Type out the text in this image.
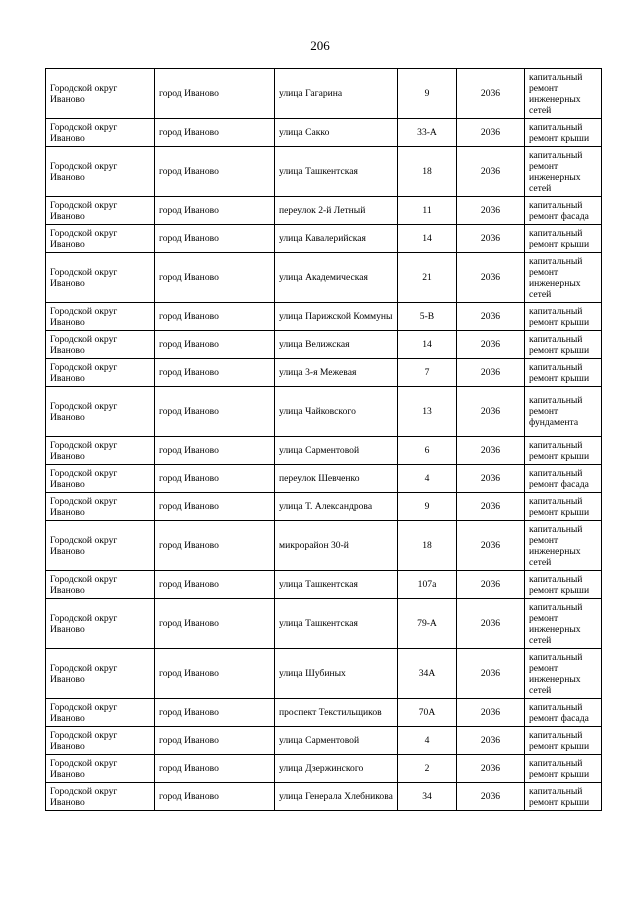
206
Городской округ Иваново	город Иваново	улица Гагарина	9	2036	капитальный ремонт инженерных сетей
Городской округ Иваново	город Иваново	улица Сакко	33-А	2036	капитальный ремонт крыши
Городской округ Иваново	город Иваново	улица Ташкентская	18	2036	капитальный ремонт инженерных сетей
Городской округ Иваново	город Иваново	переулок 2-й Летный	11	2036	капитальный ремонт фасада
Городской округ Иваново	город Иваново	улица Кавалерийская	14	2036	капитальный ремонт крыши
Городской округ Иваново	город Иваново	улица Академическая	21	2036	капитальный ремонт инженерных сетей
Городской округ Иваново	город Иваново	улица Парижской Коммуны	5-В	2036	капитальный ремонт крыши
Городской округ Иваново	город Иваново	улица Велижская	14	2036	капитальный ремонт крыши
Городской округ Иваново	город Иваново	улица 3-я Межевая	7	2036	капитальный ремонт крыши
Городской округ Иваново	город Иваново	улица Чайковского	13	2036	капитальный ремонт фундамента
Городской округ Иваново	город Иваново	улица Сарментовой	6	2036	капитальный ремонт крыши
Городской округ Иваново	город Иваново	переулок Шевченко	4	2036	капитальный ремонт фасада
Городской округ Иваново	город Иваново	улица Т. Александрова	9	2036	капитальный ремонт крыши
Городской округ Иваново	город Иваново	микрорайон 30-й	18	2036	капитальный ремонт инженерных сетей
Городской округ Иваново	город Иваново	улица Ташкентская	107а	2036	капитальный ремонт крыши
Городской округ Иваново	город Иваново	улица Ташкентская	79-А	2036	капитальный ремонт инженерных сетей
Городской округ Иваново	город Иваново	улица Шубиных	34А	2036	капитальный ремонт инженерных сетей
Городской округ Иваново	город Иваново	проспект Текстильщиков	70А	2036	капитальный ремонт фасада
Городской округ Иваново	город Иваново	улица Сарментовой	4	2036	капитальный ремонт крыши
Городской округ Иваново	город Иваново	улица Дзержинского	2	2036	капитальный ремонт крыши
Городской округ Иваново	город Иваново	улица Генерала Хлебникова	34	2036	капитальный ремонт крыши
